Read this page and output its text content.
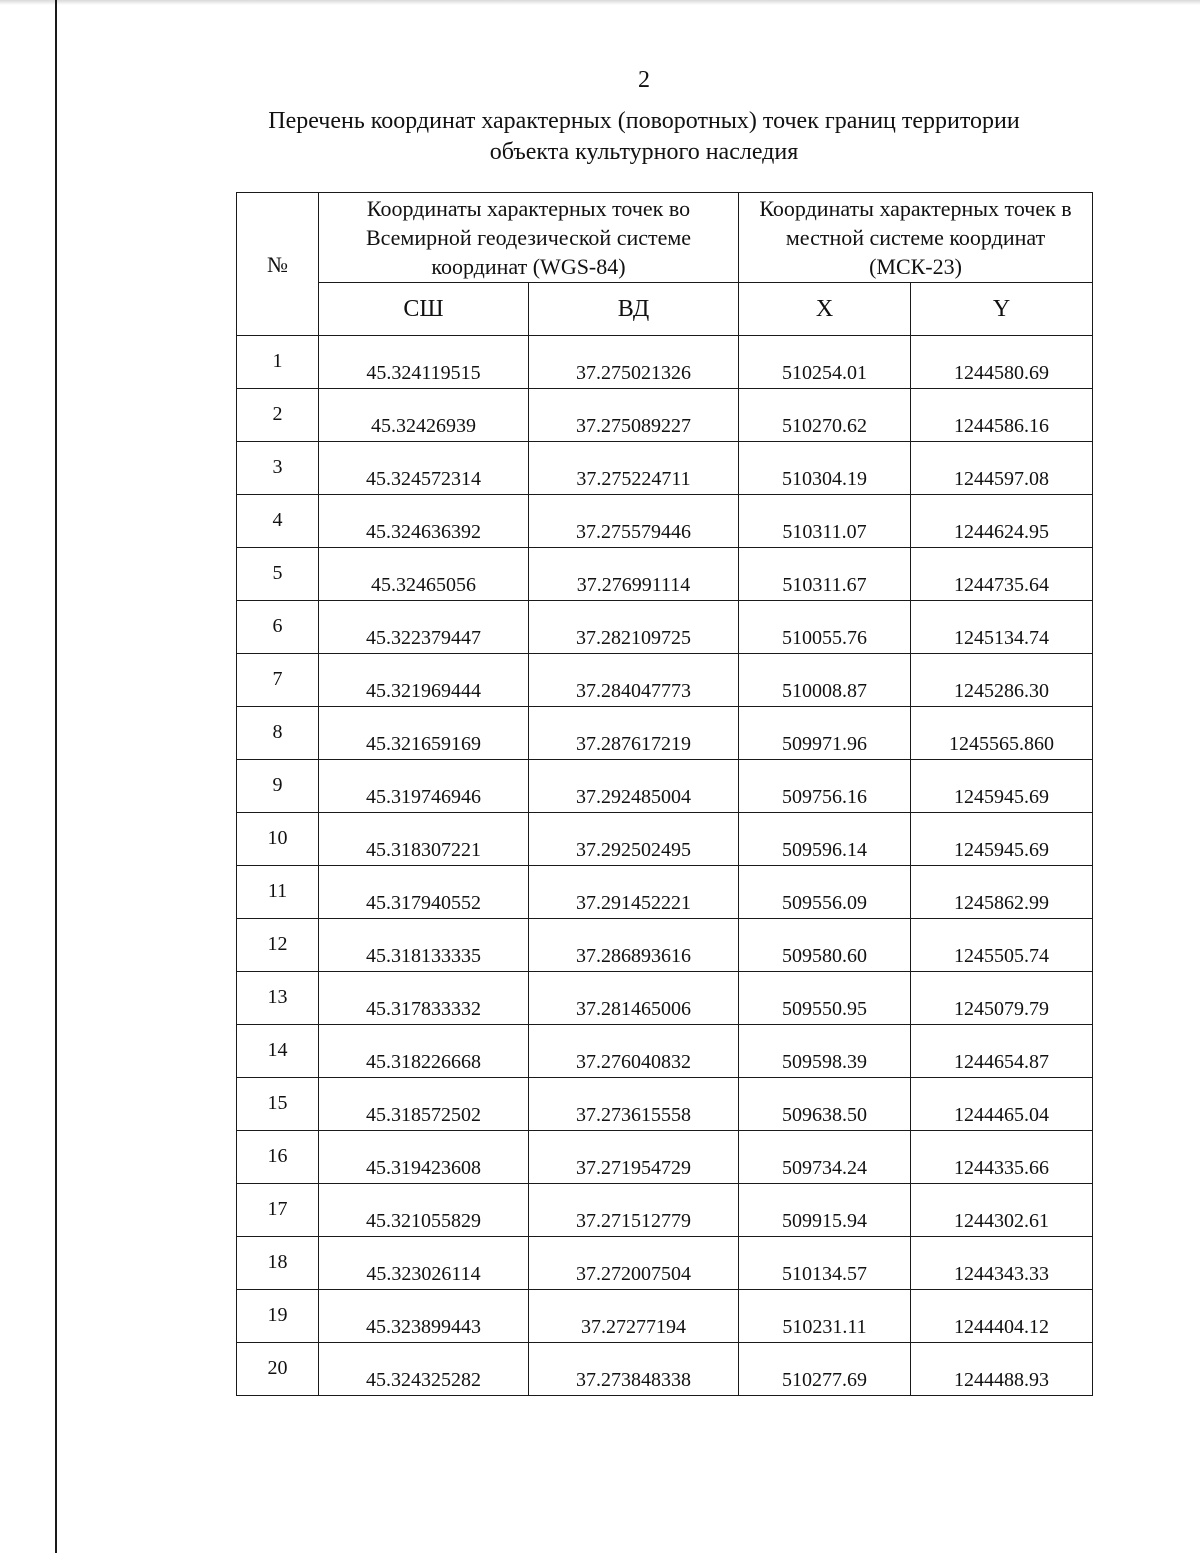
2
Перечень координат характерных (поворотных) точек границ территории
объекта культурного наследия
№	Координаты характерных точек во Всемирной геодезической системе координат (WGS-84)		Координаты характерных точек в местной системе координат (МСК-23)	
	СШ	ВД	X	Y
1	45.324119515	37.275021326	510254.01	1244580.69
2	45.32426939	37.275089227	510270.62	1244586.16
3	45.324572314	37.275224711	510304.19	1244597.08
4	45.324636392	37.275579446	510311.07	1244624.95
5	45.32465056	37.276991114	510311.67	1244735.64
6	45.322379447	37.282109725	510055.76	1245134.74
7	45.321969444	37.284047773	510008.87	1245286.30
8	45.321659169	37.287617219	509971.96	1245565.860
9	45.319746946	37.292485004	509756.16	1245945.69
10	45.318307221	37.292502495	509596.14	1245945.69
11	45.317940552	37.291452221	509556.09	1245862.99
12	45.318133335	37.286893616	509580.60	1245505.74
13	45.317833332	37.281465006	509550.95	1245079.79
14	45.318226668	37.276040832	509598.39	1244654.87
15	45.318572502	37.273615558	509638.50	1244465.04
16	45.319423608	37.271954729	509734.24	1244335.66
17	45.321055829	37.271512779	509915.94	1244302.61
18	45.323026114	37.272007504	510134.57	1244343.33
19	45.323899443	37.27277194	510231.11	1244404.12
20	45.324325282	37.273848338	510277.69	1244488.93
